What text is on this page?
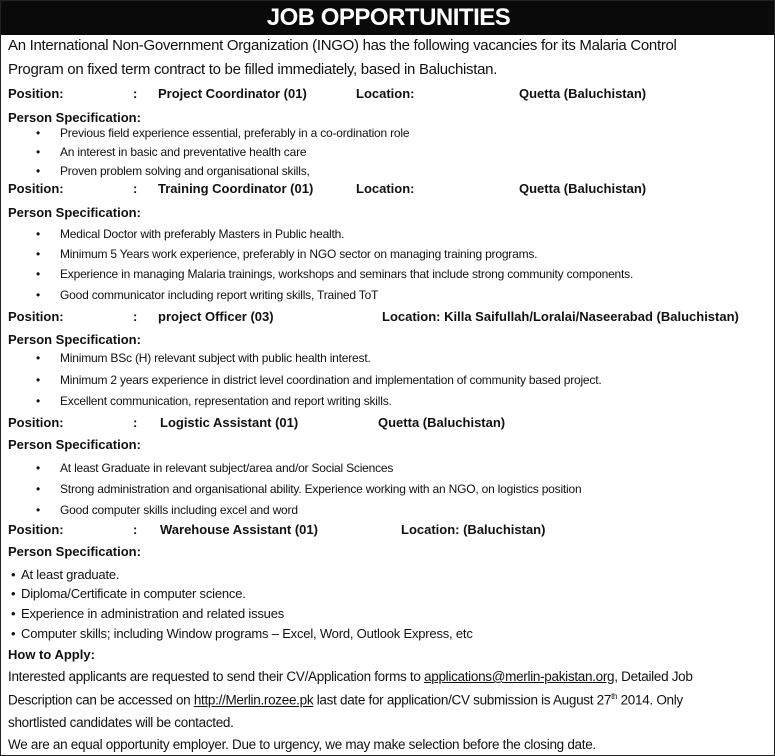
JOB OPPORTUNITIES
An International Non-Government Organization (INGO) has the following vacancies for its Malaria Control
Program on fixed term contract to be filled immediately, based in Baluchistan.
Position:	: Project Coordinator (01)	Location:	Quetta (Baluchistan)
Person Specification:
• Previous field experience essential, preferably in a co-ordination role
• An interest in basic and preventative health care
• Proven problem solving and organisational skills,
Position:	: Training Coordinator (01)	Location:	Quetta (Baluchistan)
Person Specification:
• Medical Doctor with preferably Masters in Public health.
• Minimum 5 Years work experience, preferably in NGO sector on managing training programs.
• Experience in managing Malaria trainings, workshops and seminars that include strong community components.
• Good communicator including report writing skills, Trained ToT
Position:	: project Officer (03)	Location: Killa Saifullah/Loralai/Naseerabad (Baluchistan)
Person Specification:
• Minimum BSc (H) relevant subject with public health interest.
• Minimum 2 years experience in district level coordination and implementation of community based project.
• Excellent communication, representation and report writing skills.
Position:	: Logistic Assistant (01)	Quetta (Baluchistan)
Person Specification:
• At least Graduate in relevant subject/area and/or Social Sciences
• Strong administration and organisational ability. Experience working with an NGO, on logistics position
• Good computer skills including excel and word
Position:	: Warehouse Assistant (01)	Location: (Baluchistan)
Person Specification:
• At least graduate.
• Diploma/Certificate in computer science.
• Experience in administration and related issues
• Computer skills; including Window programs – Excel, Word, Outlook Express, etc
How to Apply:
Interested applicants are requested to send their CV/Application forms to applications@merlin-pakistan.org, Detailed Job
Description can be accessed on http://Merlin.rozee.pk last date for application/CV submission is August 27th 2014. Only
shortlisted candidates will be contacted.
We are an equal opportunity employer. Due to urgency, we may make selection before the closing date.
